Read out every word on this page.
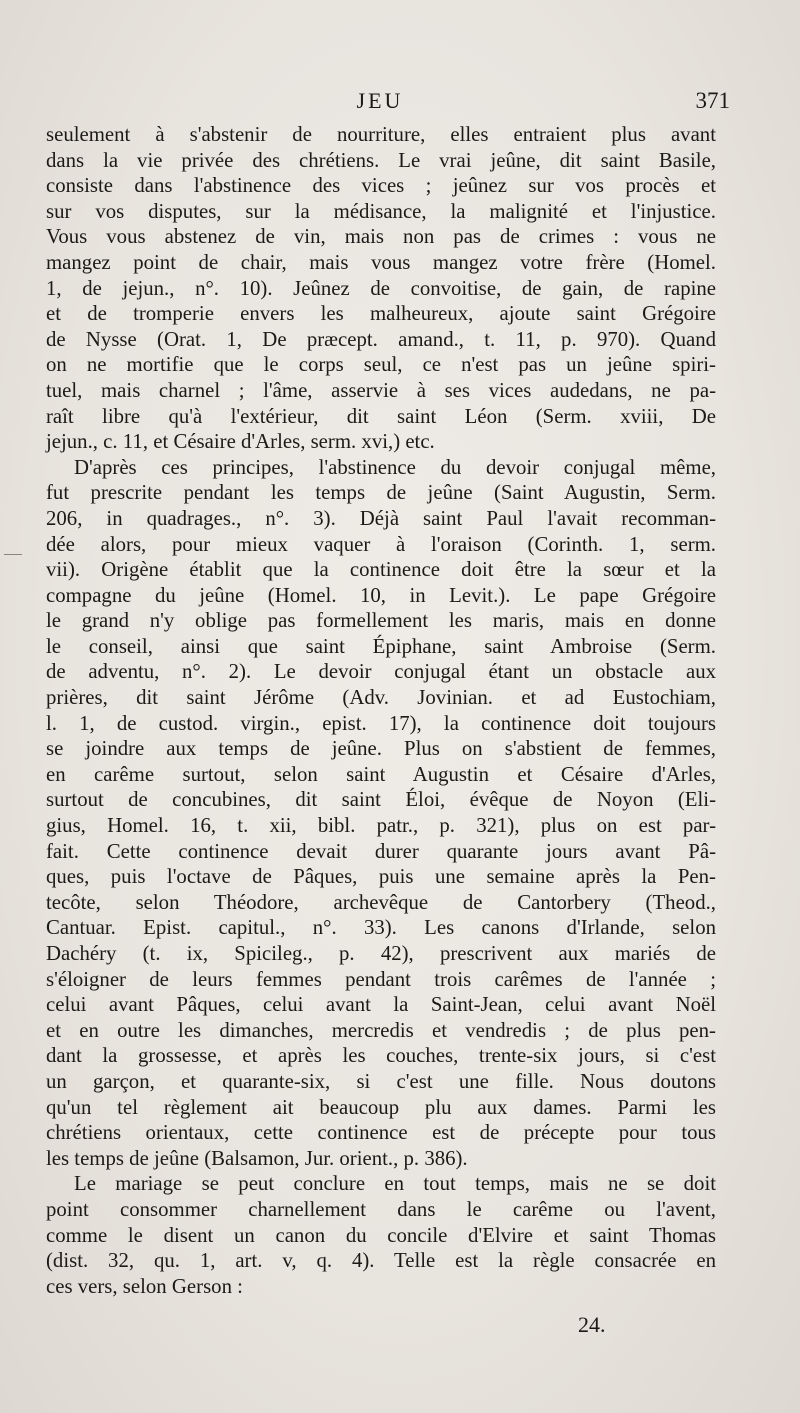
JEU	371

seulement à s'abstenir de nourriture, elles entraient plus avant
dans la vie privée des chrétiens. Le vrai jeûne, dit saint Basile,
consiste dans l'abstinence des vices ; jeûnez sur vos procès et
sur vos disputes, sur la médisance, la malignité et l'injustice.
Vous vous abstenez de vin, mais non pas de crimes : vous ne
mangez point de chair, mais vous mangez votre frère (Homel.
1, de jejun., n°. 10). Jeûnez de convoitise, de gain, de rapine
et de tromperie envers les malheureux, ajoute saint Grégoire
de Nysse (Orat. 1, De præcept. amand., t. 11, p. 970). Quand
on ne mortifie que le corps seul, ce n'est pas un jeûne spiri-
tuel, mais charnel ; l'âme, asservie à ses vices audedans, ne pa-
raît libre qu'à l'extérieur, dit saint Léon (Serm. xviii, De
jejun., c. 11, et Césaire d'Arles, serm. xvi,) etc.

D'après ces principes, l'abstinence du devoir conjugal même,
fut prescrite pendant les temps de jeûne (Saint Augustin, Serm.
206, in quadrages., n°. 3). Déjà saint Paul l'avait recomman-
dée alors, pour mieux vaquer à l'oraison (Corinth. 1, serm.
vii). Origène établit que la continence doit être la sœur et la
compagne du jeûne (Homel. 10, in Levit.). Le pape Grégoire
le grand n'y oblige pas formellement les maris, mais en donne
le conseil, ainsi que saint Épiphane, saint Ambroise (Serm.
de adventu, n°. 2). Le devoir conjugal étant un obstacle aux
prières, dit saint Jérôme (Adv. Jovinian. et ad Eustochiam,
l. 1, de custod. virgin., epist. 17), la continence doit toujours
se joindre aux temps de jeûne. Plus on s'abstient de femmes,
en carême surtout, selon saint Augustin et Césaire d'Arles,
surtout de concubines, dit saint Éloi, évêque de Noyon (Eli-
gius, Homel. 16, t. xii, bibl. patr., p. 321), plus on est par-
fait. Cette continence devait durer quarante jours avant Pâ-
ques, puis l'octave de Pâques, puis une semaine après la Pen-
tecôte, selon Théodore, archevêque de Cantorbery (Theod.,
Cantuar. Epist. capitul., n°. 33). Les canons d'Irlande, selon
Dachéry (t. ix, Spicileg., p. 42), prescrivent aux mariés de
s'éloigner de leurs femmes pendant trois carêmes de l'année ;
celui avant Pâques, celui avant la Saint-Jean, celui avant Noël
et en outre les dimanches, mercredis et vendredis ; de plus pen-
dant la grossesse, et après les couches, trente-six jours, si c'est
un garçon, et quarante-six, si c'est une fille. Nous doutons
qu'un tel règlement ait beaucoup plu aux dames. Parmi les
chrétiens orientaux, cette continence est de précepte pour tous
les temps de jeûne (Balsamon, Jur. orient., p. 386).

Le mariage se peut conclure en tout temps, mais ne se doit
point consommer charnellement dans le carême ou l'avent,
comme le disent un canon du concile d'Elvire et saint Thomas
(dist. 32, qu. 1, art. v, q. 4). Telle est la règle consacrée en
ces vers, selon Gerson :

24.
